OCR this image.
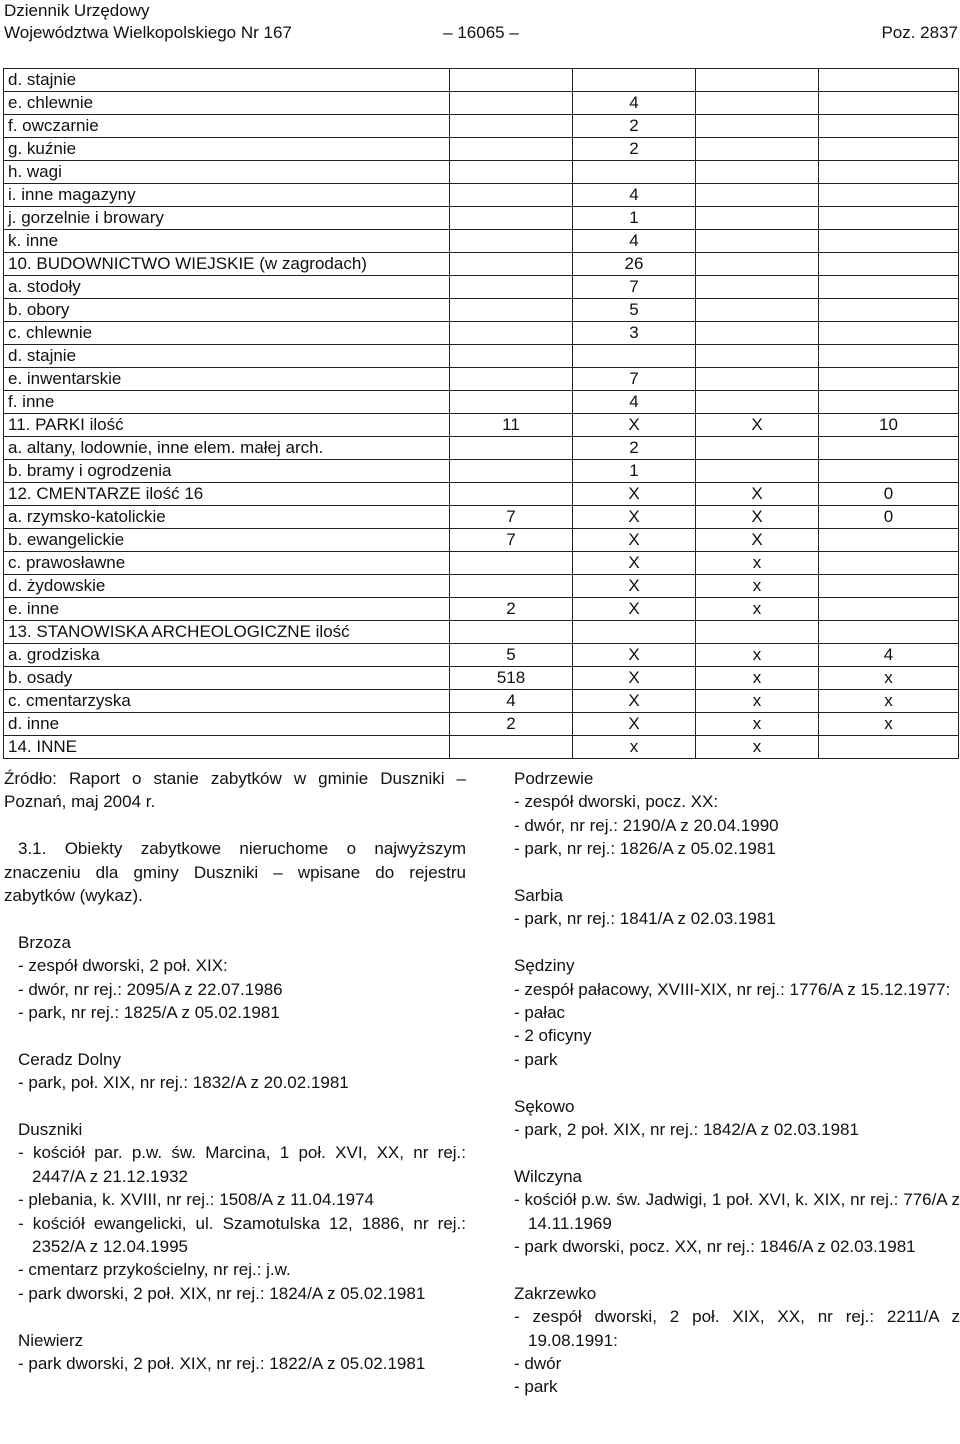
Dziennik Urzędowy
Województwa Wielkopolskiego Nr 167	– 16065 –	Poz. 2837
d. stajnie				
e. chlewnie		4		
f. owczarnie		2		
g. kuźnie		2		
h. wagi				
i. inne magazyny		4		
j. gorzelnie i browary		1		
k. inne		4		
10. BUDOWNICTWO WIEJSKIE (w zagrodach)		26		
a. stodoły		7		
b. obory		5		
c. chlewnie		3		
d. stajnie				
e. inwentarskie		7		
f. inne		4		
11. PARKI ilość	11	X	X	10
a. altany, lodownie, inne elem. małej arch.		2		
b. bramy i ogrodzenia		1		
12. CMENTARZE ilość 16		X	X	0
a. rzymsko-katolickie	7	X	X	0
b. ewangelickie	7	X	X	
c. prawosławne		X	x	
d. żydowskie		X	x	
e. inne	2	X	x	
13. STANOWISKA ARCHEOLOGICZNE ilość				
a. grodziska	5	X	x	4
b. osady	518	X	x	x
c. cmentarzyska	4	X	x	x
d. inne	2	X	x	x
14. INNE		x	x	

Źródło: Raport o stanie zabytków w gminie Duszniki –Poznań, maj 2004 r.

3.1. Obiekty zabytkowe nieruchome o najwyższym znaczeniu dla gminy Duszniki – wpisane do rejestru zabytków (wykaz).

Brzoza

- zespół dworski, 2 poł. XIX:

- dwór, nr rej.: 2095/A z 22.07.1986

- park, nr rej.: 1825/A z 05.02.1981

Ceradz Dolny

- park, poł. XIX, nr rej.: 1832/A z 20.02.1981

Duszniki

- kościół par. p.w. św. Marcina, 1 poł. XVI, XX, nr rej.: 2447/A z 21.12.1932

- plebania, k. XVIII, nr rej.: 1508/A z 11.04.1974

- kościół ewangelicki, ul. Szamotulska 12, 1886, nr rej.: 2352/A z 12.04.1995

- cmentarz przykościelny, nr rej.: j.w.

- park dworski, 2 poł. XIX, nr rej.: 1824/A z 05.02.1981

Niewierz

- park dworski, 2 poł. XIX, nr rej.: 1822/A z 05.02.1981

Podrzewie

- zespół dworski, pocz. XX:

- dwór, nr rej.: 2190/A z 20.04.1990

- park, nr rej.: 1826/A z 05.02.1981

Sarbia

- park, nr rej.: 1841/A z 02.03.1981

Sędziny

- zespół pałacowy, XVIII-XIX, nr rej.: 1776/A z 15.12.1977:

- pałac

- 2 oficyny

- park

Sękowo

- park, 2 poł. XIX, nr rej.: 1842/A z 02.03.1981

Wilczyna

- kościół p.w. św. Jadwigi, 1 poł. XVI, k. XIX, nr rej.: 776/A z 14.11.1969

- park dworski, pocz. XX, nr rej.: 1846/A z 02.03.1981

Zakrzewko

- zespół dworski, 2 poł. XIX, XX, nr rej.: 2211/A z 19.08.1991:

- dwór

- park
